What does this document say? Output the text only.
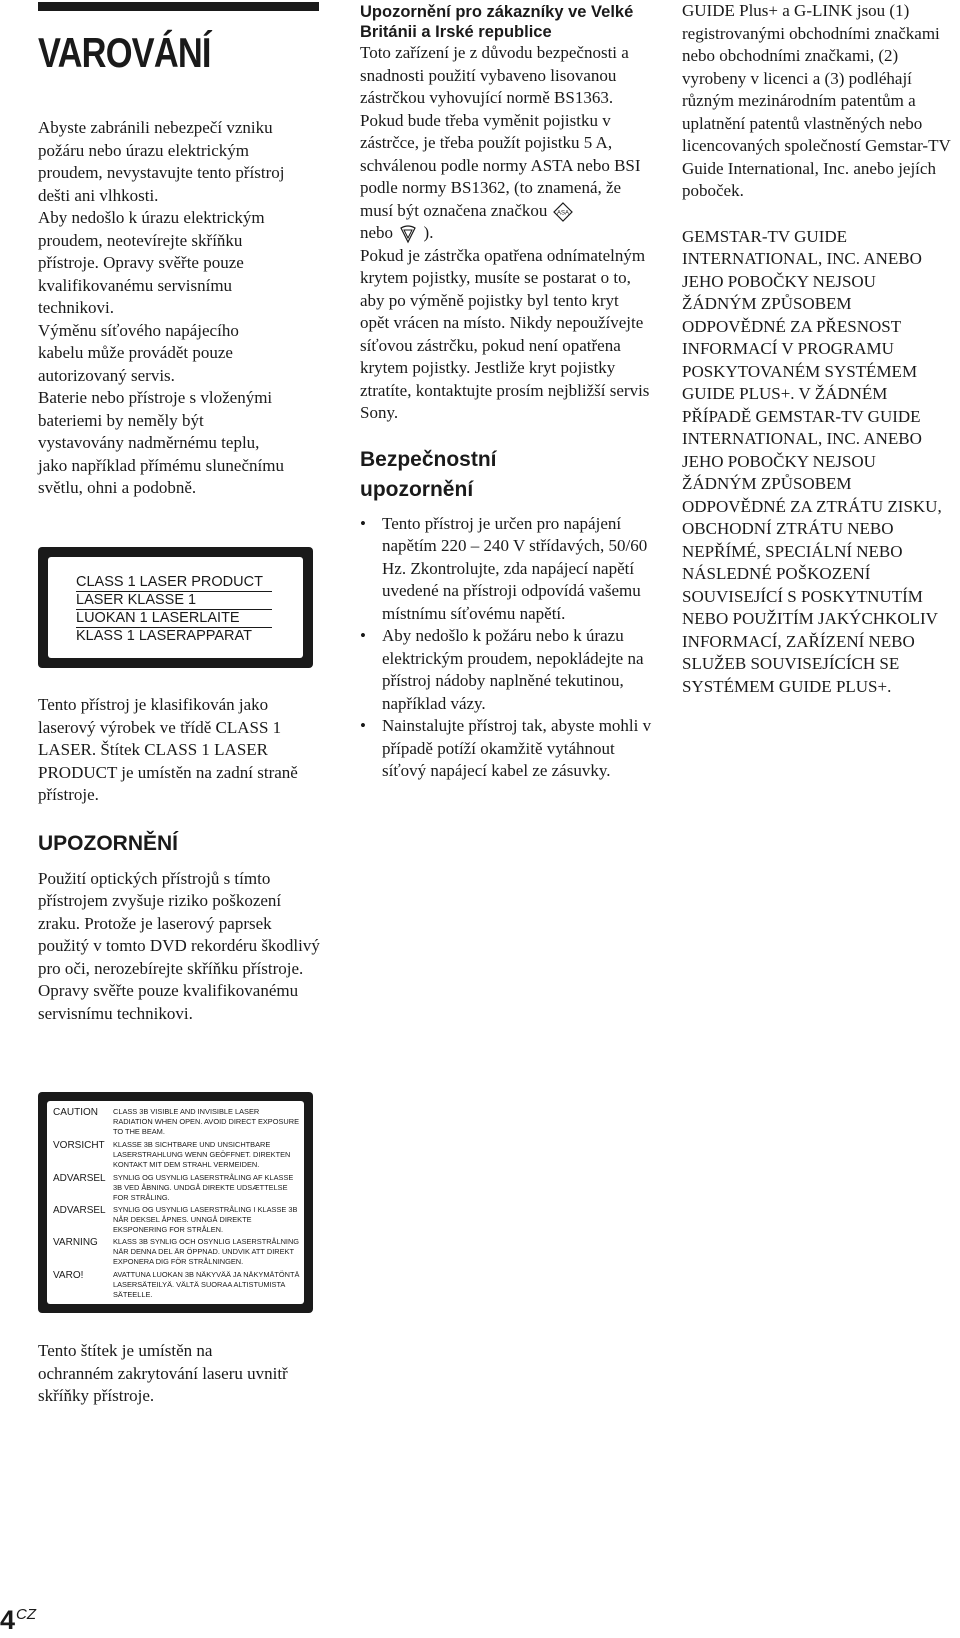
VAROVÁNÍ

Abyste zabránili nebezpečí vzniku požáru nebo úrazu elektrickým proudem, nevystavujte tento přístroj dešti ani vlhkosti.

Aby nedošlo k úrazu elektrickým proudem, neotevírejte skříňku přístroje. Opravy svěřte pouze kvalifikovanému servisnímu technikovi.

Výměnu síťového napájecího kabelu může provádět pouze autorizovaný servis.

Baterie nebo přístroje s vloženými bateriemi by neměly být vystavovány nadměrnému teplu, jako například přímému slunečnímu světlu, ohni a podobně.

CLASS 1 LASER PRODUCT
LASER KLASSE 1
LUOKAN 1 LASERLAITE
KLASS 1 LASERAPPARAT

Tento přístroj je klasifikován jako laserový výrobek ve třídě CLASS 1 LASER. Štítek CLASS 1 LASER PRODUCT je umístěn na zadní straně přístroje.

UPOZORNĚNÍ

Použití optických přístrojů s tímto přístrojem zvyšuje riziko poškození zraku. Protože je laserový paprsek použitý v tomto DVD rekordéru škodlivý pro oči, nerozebírejte skříňku přístroje. Opravy svěřte pouze kvalifikovanému servisnímu technikovi.

CAUTION	CLASS 3B VISIBLE AND INVISIBLE LASER RADIATION WHEN OPEN. AVOID DIRECT EXPOSURE TO THE BEAM.
VORSICHT	KLASSE 3B SICHTBARE UND UNSICHTBARE LASERSTRAHLUNG WENN GEÖFFNET. DIREKTEN KONTAKT MIT DEM STRAHL VERMEIDEN.
ADVARSEL SYNLIG OG USYNLIG LASERSTRÅLING AF KLASSE 3B VED ÅBNING. UNDGÅ DIREKTE UDSÆTTELSE FOR STRÅLING.
ADVARSEL SYNLIG OG USYNLIG LASERSTRÅLING I KLASSE 3B NÅR DEKSEL ÅPNES. UNNGÅ DIREKTE EKSPONERING FOR STRÅLEN.
VARNING	KLASS 3B SYNLIG OCH OSYNLIG LASERSTRÅLNING NÄR DENNA DEL ÄR ÖPPNAD. UNDVIK ATT DIREKT EXPONERA DIG FÖR STRÅLNINGEN.
VARO!	AVATTUNA LUOKAN 3B NÄKYVÄÄ JA NÄKYMÄTÖNTÄ LASERSÄTEILYÄ. VÄLTÄ SUORAA ALTISTUMISTA SÄTEELLE.

Tento štítek je umístěn na ochranném zakrytování laseru uvnitř skříňky přístroje.

Upozornění pro zákazníky ve Velké Británii a Irské republice

Toto zařízení je z důvodu bezpečnosti a snadnosti použití vybaveno lisovanou zástrčkou vyhovující normě BS1363.

Pokud bude třeba vyměnit pojistku v zástrčce, je třeba použít pojistku 5 A, schválenou podle normy ASTA nebo BSI podle normy BS1362, (to znamená, že musí být označena značkou ASA

nebo ).

Pokud je zástrčka opatřena odnímatelným krytem pojistky, musíte se postarat o to, aby po výměně pojistky byl tento kryt opět vrácen na místo. Nikdy nepoužívejte síťovou zástrčku, pokud není opatřena krytem pojistky. Jestliže kryt pojistky ztratíte, kontaktujte prosím nejbližší servis Sony.

Bezpečnostní upozornění
• Tento přístroj je určen pro napájení napětím 220 – 240 V střídavých, 50/60 Hz. Zkontrolujte, zda napájecí napětí uvedené na přístroji odpovídá vašemu místnímu síťovému napětí.
• Aby nedošlo k požáru nebo k úrazu elektrickým proudem, nepokládejte na přístroj nádoby naplněné tekutinou, například vázy.
• Nainstalujte přístroj tak, abyste mohli v případě potíží okamžitě vytáhnout síťový napájecí kabel ze zásuvky.

GUIDE Plus+ a G-LINK jsou (1) registrovanými obchodními značkami nebo obchodními značkami, (2) vyrobeny v licenci a (3) podléhají různým mezinárodním patentům a uplatnění patentů vlastněných nebo licencovaných společností Gemstar-TV Guide International, Inc. anebo jejích poboček.

GEMSTAR-TV GUIDE INTERNATIONAL, INC. ANEBO JEHO POBOČKY NEJSOU ŽÁDNÝM ZPŮSOBEM ODPOVĚDNÉ ZA PŘESNOST INFORMACÍ V PROGRAMU POSKYTOVANÉM SYSTÉMEM GUIDE PLUS+. V ŽÁDNÉM PŘÍPADĚ GEMSTAR-TV GUIDE INTERNATIONAL, INC. ANEBO JEHO POBOČKY NEJSOU ŽÁDNÝM ZPŮSOBEM ODPOVĚDNÉ ZA ZTRÁTU ZISKU, OBCHODNÍ ZTRÁTU NEBO NEPŘÍMÉ, SPECIÁLNÍ NEBO NÁSLEDNÉ POŠKOZENÍ SOUVISEJÍCÍ S POSKYTNUTÍM NEBO POUŽITÍM JAKÝCHKOLIV INFORMACÍ, ZAŘÍZENÍ NEBO SLUŽEB SOUVISEJÍCÍCH SE SYSTÉMEM GUIDE PLUS+.

$4^{CZ}$
